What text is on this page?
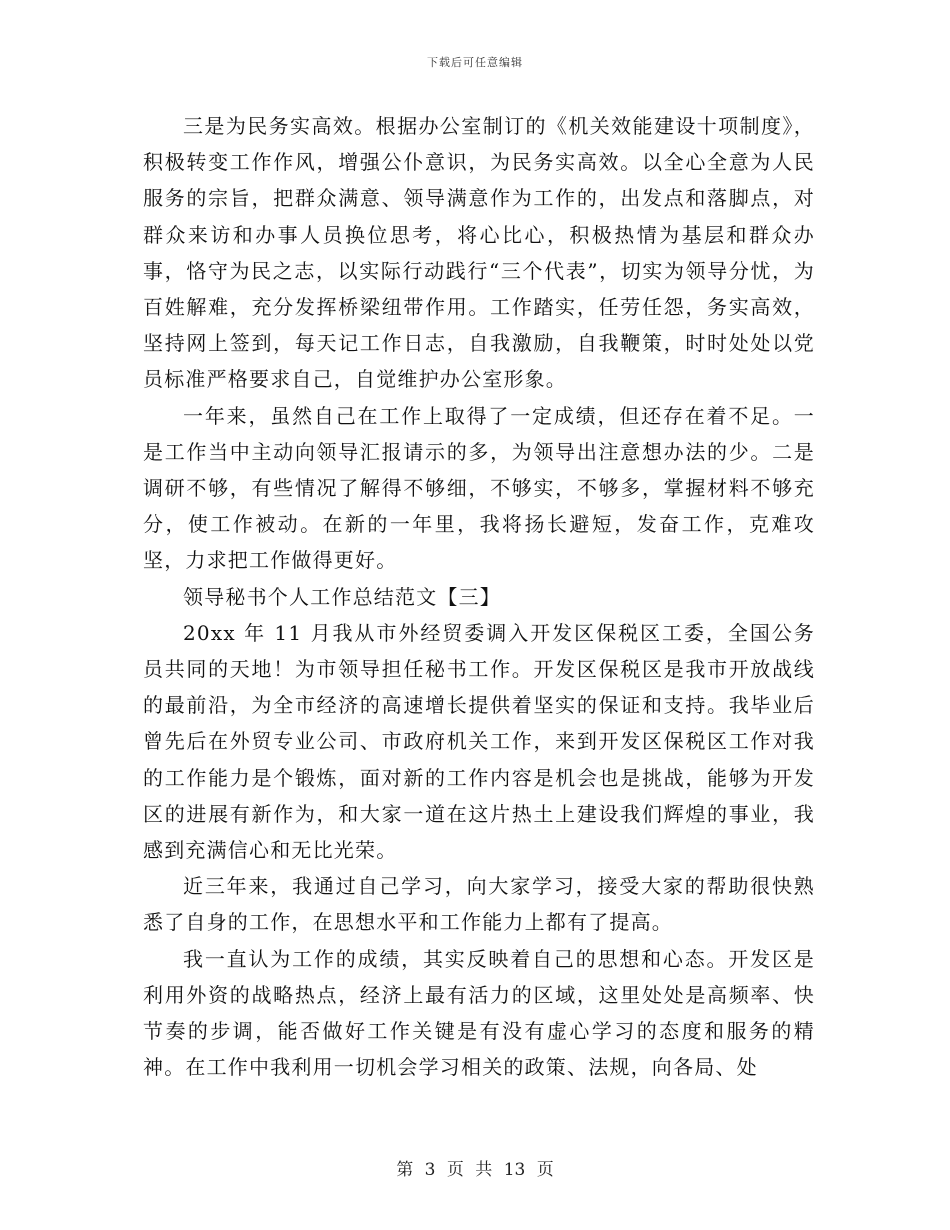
下载后可任意编辑

三是为民务实高效。根据办公室制订的《机关效能建设十项制度》，积极转变工作作风，增强公仆意识，为民务实高效。以全心全意为人民服务的宗旨，把群众满意、领导满意作为工作的，出发点和落脚点，对群众来访和办事人员换位思考，将心比心，积极热情为基层和群众办事，恪守为民之志，以实际行动践行“三个代表”，切实为领导分忧，为百姓解难，充分发挥桥梁纽带作用。工作踏实，任劳任怨，务实高效，坚持网上签到，每天记工作日志，自我激励，自我鞭策，时时处处以党员标准严格要求自己，自觉维护办公室形象。

一年来，虽然自己在工作上取得了一定成绩，但还存在着不足。一是工作当中主动向领导汇报请示的多，为领导出注意想办法的少。二是调研不够，有些情况了解得不够细，不够实，不够多，掌握材料不够充分，使工作被动。在新的一年里，我将扬长避短，发奋工作，克难攻坚，力求把工作做得更好。

领导秘书个人工作总结范文【三】

20xx 年 11 月我从市外经贸委调入开发区保税区工委，全国公务员共同的天地！为市领导担任秘书工作。开发区保税区是我市开放战线的最前沿，为全市经济的高速增长提供着坚实的保证和支持。我毕业后曾先后在外贸专业公司、市政府机关工作，来到开发区保税区工作对我的工作能力是个锻炼，面对新的工作内容是机会也是挑战，能够为开发区的进展有新作为，和大家一道在这片热土上建设我们辉煌的事业，我感到充满信心和无比光荣。

近三年来，我通过自己学习，向大家学习，接受大家的帮助很快熟悉了自身的工作，在思想水平和工作能力上都有了提高。

我一直认为工作的成绩，其实反映着自己的思想和心态。开发区是利用外资的战略热点，经济上最有活力的区域，这里处处是高频率、快节奏的步调，能否做好工作关键是有没有虚心学习的态度和服务的精神。在工作中我利用一切机会学习相关的政策、法规，向各局、处

第 3 页 共 13 页
